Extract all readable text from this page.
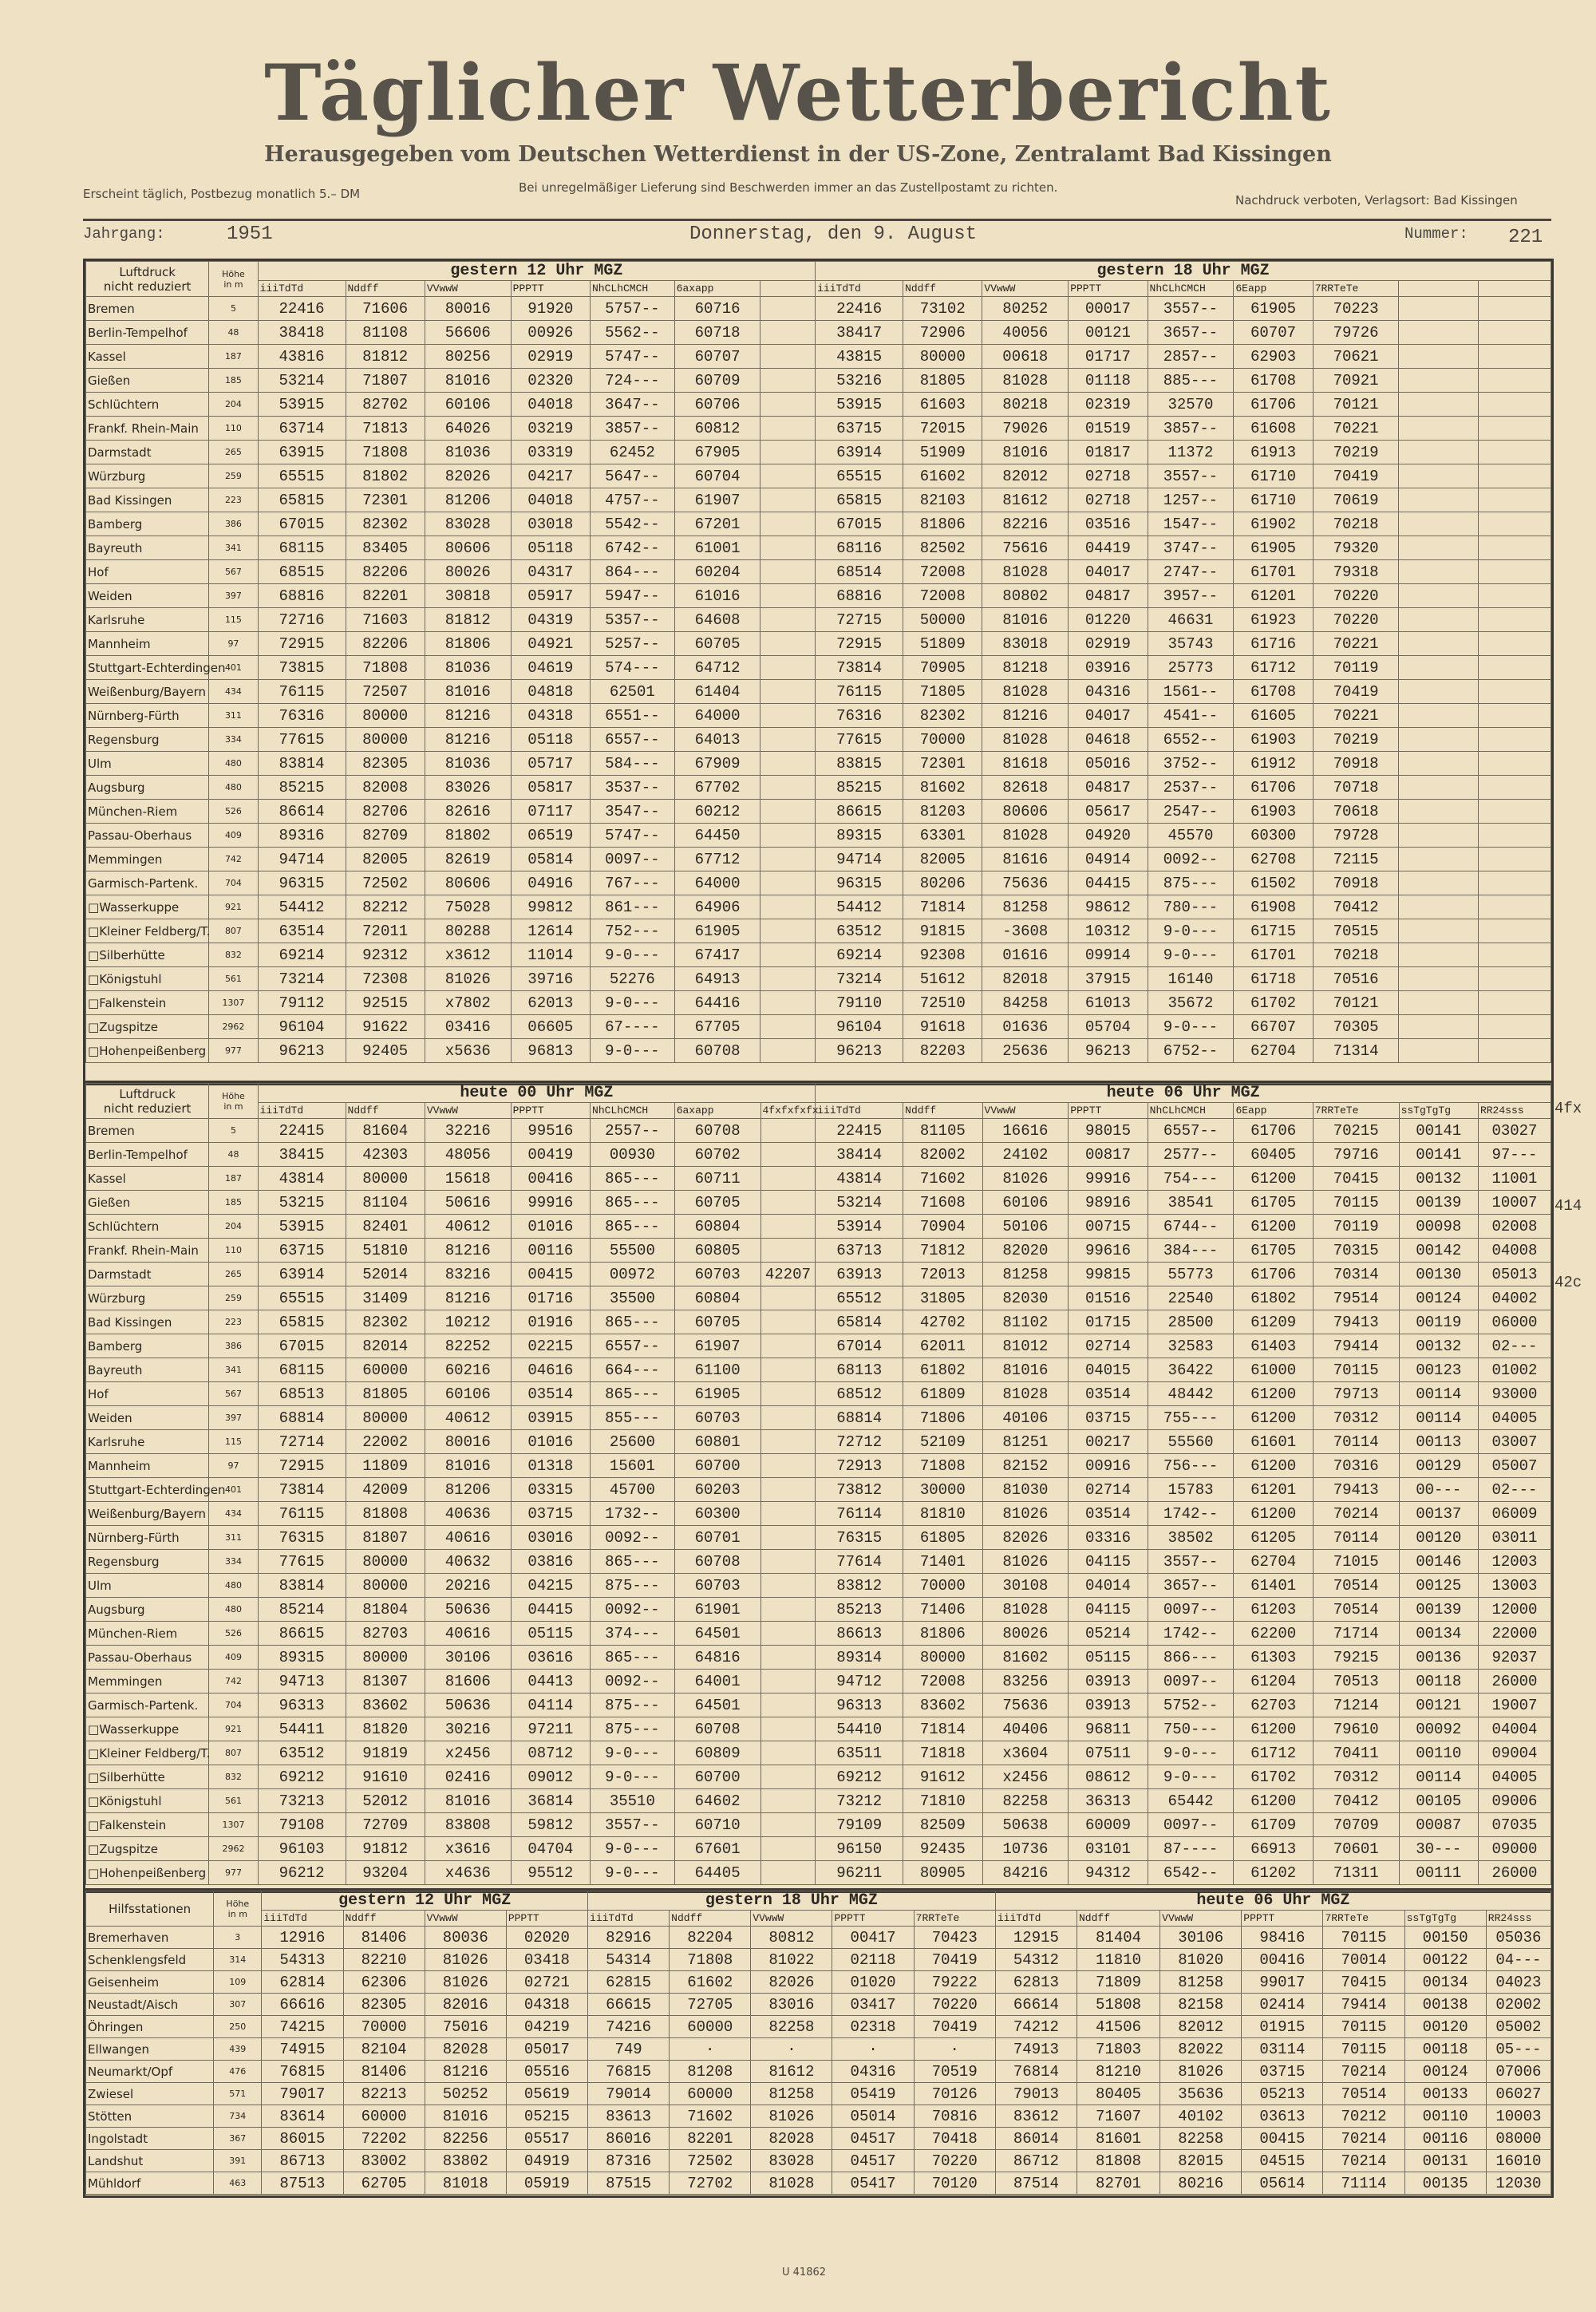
Täglicher Wetterbericht
Herausgegeben vom Deutschen Wetterdienst in der US-Zone, Zentralamt Bad Kissingen
Erscheint täglich, Postbezug monatlich 5.– DM	Bei unregelmäßiger Lieferung sind Beschwerden immer an das Zustellpostamt zu richten.
Nachdruck verboten, Verlagsort: Bad Kissingen
Jahrgang:	1951	Donnerstag, den 9. August	Nummer: 221
Luftdruck
nicht reduziert	Höhe
in m	gestern 12 Uhr MGZ							gestern 18 Uhr MGZ								
		iiiTdTd	Nddff	VVwwW	PPPTT	NhCLhCMCH	6axapp		iiiTdTd	Nddff	VVwwW	PPPTT	NhCLhCMCH	6Eapp	7RRTeTe		
Bremen	5	22416	71606	80016	91920	5757--	60716		22416	73102	80252	00017	3557--	61905	70223		
Berlin-Tempelhof	48	38418	81108	56606	00926	5562--	60718		38417	72906	40056	00121	3657--	60707	79726		
Kassel	187	43816	81812	80256	02919	5747--	60707		43815	80000	00618	01717	2857--	62903	70621		
Gießen	185	53214	71807	81016	02320	724---	60709		53216	81805	81028	01118	885---	61708	70921		
Schlüchtern	204	53915	82702	60106	04018	3647--	60706		53915	61603	80218	02319	32570	61706	70121		
Frankf. Rhein-Main	110	63714	71813	64026	03219	3857--	60812		63715	72015	79026	01519	3857--	61608	70221		
Darmstadt	265	63915	71808	81036	03319	62452	67905		63914	51909	81016	01817	11372	61913	70219		
Würzburg	259	65515	81802	82026	04217	5647--	60704		65515	61602	82012	02718	3557--	61710	70419		
Bad Kissingen	223	65815	72301	81206	04018	4757--	61907		65815	82103	81612	02718	1257--	61710	70619		
Bamberg	386	67015	82302	83028	03018	5542--	67201		67015	81806	82216	03516	1547--	61902	70218		
Bayreuth	341	68115	83405	80606	05118	6742--	61001		68116	82502	75616	04419	3747--	61905	79320		
Hof	567	68515	82206	80026	04317	864---	60204		68514	72008	81028	04017	2747--	61701	79318		
Weiden	397	68816	82201	30818	05917	5947--	61016		68816	72008	80802	04817	3957--	61201	70220		
Karlsruhe	115	72716	71603	81812	04319	5357--	64608		72715	50000	81016	01220	46631	61923	70220		
Mannheim	97	72915	82206	81806	04921	5257--	60705		72915	51809	83018	02919	35743	61716	70221		
Stuttgart-Echterdingen	401	73815	71808	81036	04619	574---	64712		73814	70905	81218	03916	25773	61712	70119		
Weißenburg/Bayern	434	76115	72507	81016	04818	62501	61404		76115	71805	81028	04316	1561--	61708	70419		
Nürnberg-Fürth	311	76316	80000	81216	04318	6551--	64000		76316	82302	81216	04017	4541--	61605	70221		
Regensburg	334	77615	80000	81216	05118	6557--	64013		77615	70000	81028	04618	6552--	61903	70219		
Ulm	480	83814	82305	81036	05717	584---	67909		83815	72301	81618	05016	3752--	61912	70918		
Augsburg	480	85215	82008	83026	05817	3537--	67702		85215	81602	82618	04817	2537--	61706	70718		
München-Riem	526	86614	82706	82616	07117	3547--	60212		86615	81203	80606	05617	2547--	61903	70618		
Passau-Oberhaus	409	89316	82709	81802	06519	5747--	64450		89315	63301	81028	04920	45570	60300	79728		
Memmingen	742	94714	82005	82619	05814	0097--	67712		94714	82005	81616	04914	0092--	62708	72115		
Garmisch-Partenk.	704	96315	72502	80606	04916	767---	64000		96315	80206	75636	04415	875---	61502	70918		
□ Wasserkuppe	921	54412	82212	75028	99812	861---	64906		54412	71814	81258	98612	780---	61908	70412		
□ Kleiner Feldberg/T.	807	63514	72011	80288	12614	752---	61905		63512	91815	-3608	10312	9-0---	61715	70515		
□ Silberhütte	832	69214	92312	x3612	11014	9-0---	67417		69214	92308	01616	09914	9-0---	61701	70218		
□ Königstuhl	561	73214	72308	81026	39716	52276	64913		73214	51612	82018	37915	16140	61718	70516		
□ Falkenstein	1307	79112	92515	x7802	62013	9-0---	64416		79110	72510	84258	61013	35672	61702	70121		
□ Zugspitze	2962	96104	91622	03416	06605	67----	67705		96104	91618	01636	05704	9-0---	66707	70305		
□ Hohenpeißenberg	977	96213	92405	x5636	96813	9-0---	60708		96213	82203	25636	96213	6752--	62704	71314		
Luftdruck
nicht reduziert	Höhe
in m	heute 00 Uhr MGZ							heute 06 Uhr MGZ								
		iiiTdTd	Nddff	VVwwW	PPPTT	NhCLhCMCH	6axapp	4fxfxfxfx	iiiTdTd	Nddff	VVwwW	PPPTT	NhCLhCMCH	6Eapp	7RRTeTe	ssTgTgTg	RR24sss
Bremen	5	22415	81604	32216	99516	2557--	60708		22415	81105	16616	98015	6557--	61706	70215	00141	03027
Berlin-Tempelhof	48	38415	42303	48056	00419	00930	60702		38414	82002	24102	00817	2577--	60405	79716	00141	97---
Kassel	187	43814	80000	15618	00416	865---	60711		43814	71602	81026	99916	754---	61200	70415	00132	11001
Gießen	185	53215	81104	50616	99916	865---	60705		53214	71608	60106	98916	38541	61705	70115	00139	10007
Schlüchtern	204	53915	82401	40612	01016	865---	60804		53914	70904	50106	00715	6744--	61200	70119	00098	02008
Frankf. Rhein-Main	110	63715	51810	81216	00116	55500	60805		63713	71812	82020	99616	384---	61705	70315	00142	04008
Darmstadt	265	63914	52014	83216	00415	00972	60703	42207	63913	72013	81258	99815	55773	61706	70314	00130	05013
Würzburg	259	65515	31409	81216	01716	35500	60804		65512	31805	82030	01516	22540	61802	79514	00124	04002
Bad Kissingen	223	65815	82302	10212	01916	865---	60705		65814	42702	81102	01715	28500	61209	79413	00119	06000
Bamberg	386	67015	82014	82252	02215	6557--	61907		67014	62011	81012	02714	32583	61403	79414	00132	02---
Bayreuth	341	68115	60000	60216	04616	664---	61100		68113	61802	81016	04015	36422	61000	70115	00123	01002
Hof	567	68513	81805	60106	03514	865---	61905		68512	61809	81028	03514	48442	61200	79713	00114	93000
Weiden	397	68814	80000	40612	03915	855---	60703		68814	71806	40106	03715	755---	61200	70312	00114	04005
Karlsruhe	115	72714	22002	80016	01016	25600	60801		72712	52109	81251	00217	55560	61601	70114	00113	03007
Mannheim	97	72915	11809	81016	01318	15601	60700		72913	71808	82152	00916	756---	61200	70316	00129	05007
Stuttgart-Echterdingen	401	73814	42009	81206	03315	45700	60203		73812	30000	81030	02714	15783	61201	79413	00---	02---
Weißenburg/Bayern	434	76115	81808	40636	03715	1732--	60300		76114	81810	81026	03514	1742--	61200	70214	00137	06009
Nürnberg-Fürth	311	76315	81807	40616	03016	0092--	60701		76315	61805	82026	03316	38502	61205	70114	00120	03011
Regensburg	334	77615	80000	40632	03816	865---	60708		77614	71401	81026	04115	3557--	62704	71015	00146	12003
Ulm	480	83814	80000	20216	04215	875---	60703		83812	70000	30108	04014	3657--	61401	70514	00125	13003
Augsburg	480	85214	81804	50636	04415	0092--	61901		85213	71406	81028	04115	0097--	61203	70514	00139	12000
München-Riem	526	86615	82703	40616	05115	374---	64501		86613	81806	80026	05214	1742--	62200	71714	00134	22000
Passau-Oberhaus	409	89315	80000	30106	03616	865---	64816		89314	80000	81602	05115	866---	61303	79215	00136	92037
Memmingen	742	94713	81307	81606	04413	0092--	64001		94712	72008	83256	03913	0097--	61204	70513	00118	26000
Garmisch-Partenk.	704	96313	83602	50636	04114	875---	64501		96313	83602	75636	03913	5752--	62703	71214	00121	19007
□ Wasserkuppe	921	54411	81820	30216	97211	875---	60708		54410	71814	40406	96811	750---	61200	79610	00092	04004
□ Kleiner Feldberg/T.	807	63512	91819	x2456	08712	9-0---	60809		63511	71818	x3604	07511	9-0---	61712	70411	00110	09004
□ Silberhütte	832	69212	91610	02416	09012	9-0---	60700		69212	91612	x2456	08612	9-0---	61702	70312	00114	04005
□ Königstuhl	561	73213	52012	81016	36814	35510	64602		73212	71810	82258	36313	65442	61200	70412	00105	09006
□ Falkenstein	1307	79108	72709	83808	59812	3557--	60710		79109	82509	50638	60009	0097--	61709	70709	00087	07035
□ Zugspitze	2962	96103	91812	x3616	04704	9-0---	67601		96150	92435	10736	03101	87----	66913	70601	30---	09000
□ Hohenpeißenberg	977	96212	93204	x4636	95512	9-0---	64405		96211	80905	84216	94312	6542--	61202	71311	00111	26000
Hilfsstationen	Höhe
in m	gestern 12 Uhr MGZ				gestern 18 Uhr MGZ					heute 06 Uhr MGZ						
		iiiTdTd	Nddff	VVwwW	PPPTT	iiiTdTd	Nddff	VVwwW	PPPTT	7RRTeTe	iiiTdTd	Nddff	VVwwW	PPPTT	7RRTeTe	ssTgTgTg	RR24sss
Bremerhaven	3	12916	81406	80036	02020	82916	82204	80812	00417	70423	12915	81404	30106	98416	70115	00150	05036
Schenklengsfeld	314	54313	82210	81026	03418	54314	71808	81022	02118	70419	54312	11810	81020	00416	70014	00122	04---
Geisenheim	109	62814	62306	81026	02721	62815	61602	82026	01020	79222	62813	71809	81258	99017	70415	00134	04023
Neustadt/Aisch	307	66616	82305	82016	04318	66615	72705	83016	03417	70220	66614	51808	82158	02414	79414	00138	02002
Öhringen	250	74215	70000	75016	04219	74216	60000	82258	02318	70419	74212	41506	82012	01915	70115	00120	05002
Ellwangen	439	74915	82104	82028	05017	749	·	·	·	·	74913	71803	82022	03114	70115	00118	05---
Neumarkt/Opf	476	76815	81406	81216	05516	76815	81208	81612	04316	70519	76814	81210	81026	03715	70214	00124	07006
Zwiesel	571	79017	82213	50252	05619	79014	60000	81258	05419	70126	79013	80405	35636	05213	70514	00133	06027
Stötten	734	83614	60000	81016	05215	83613	71602	81026	05014	70816	83612	71607	40102	03613	70212	00110	10003
Ingolstadt	367	86015	72202	82256	05517	86016	82201	82028	04517	70418	86014	81601	82258	00415	70214	00116	08000
Landshut	391	86713	83002	83802	04919	87316	72502	83028	04517	70220	86712	81808	82015	04515	70214	00131	16010
Mühldorf	463	87513	62705	81018	05919	87515	72702	81028	05417	70120	87514	82701	80216	05614	71114	00135	12030
4fx
414
42c
U 41862
